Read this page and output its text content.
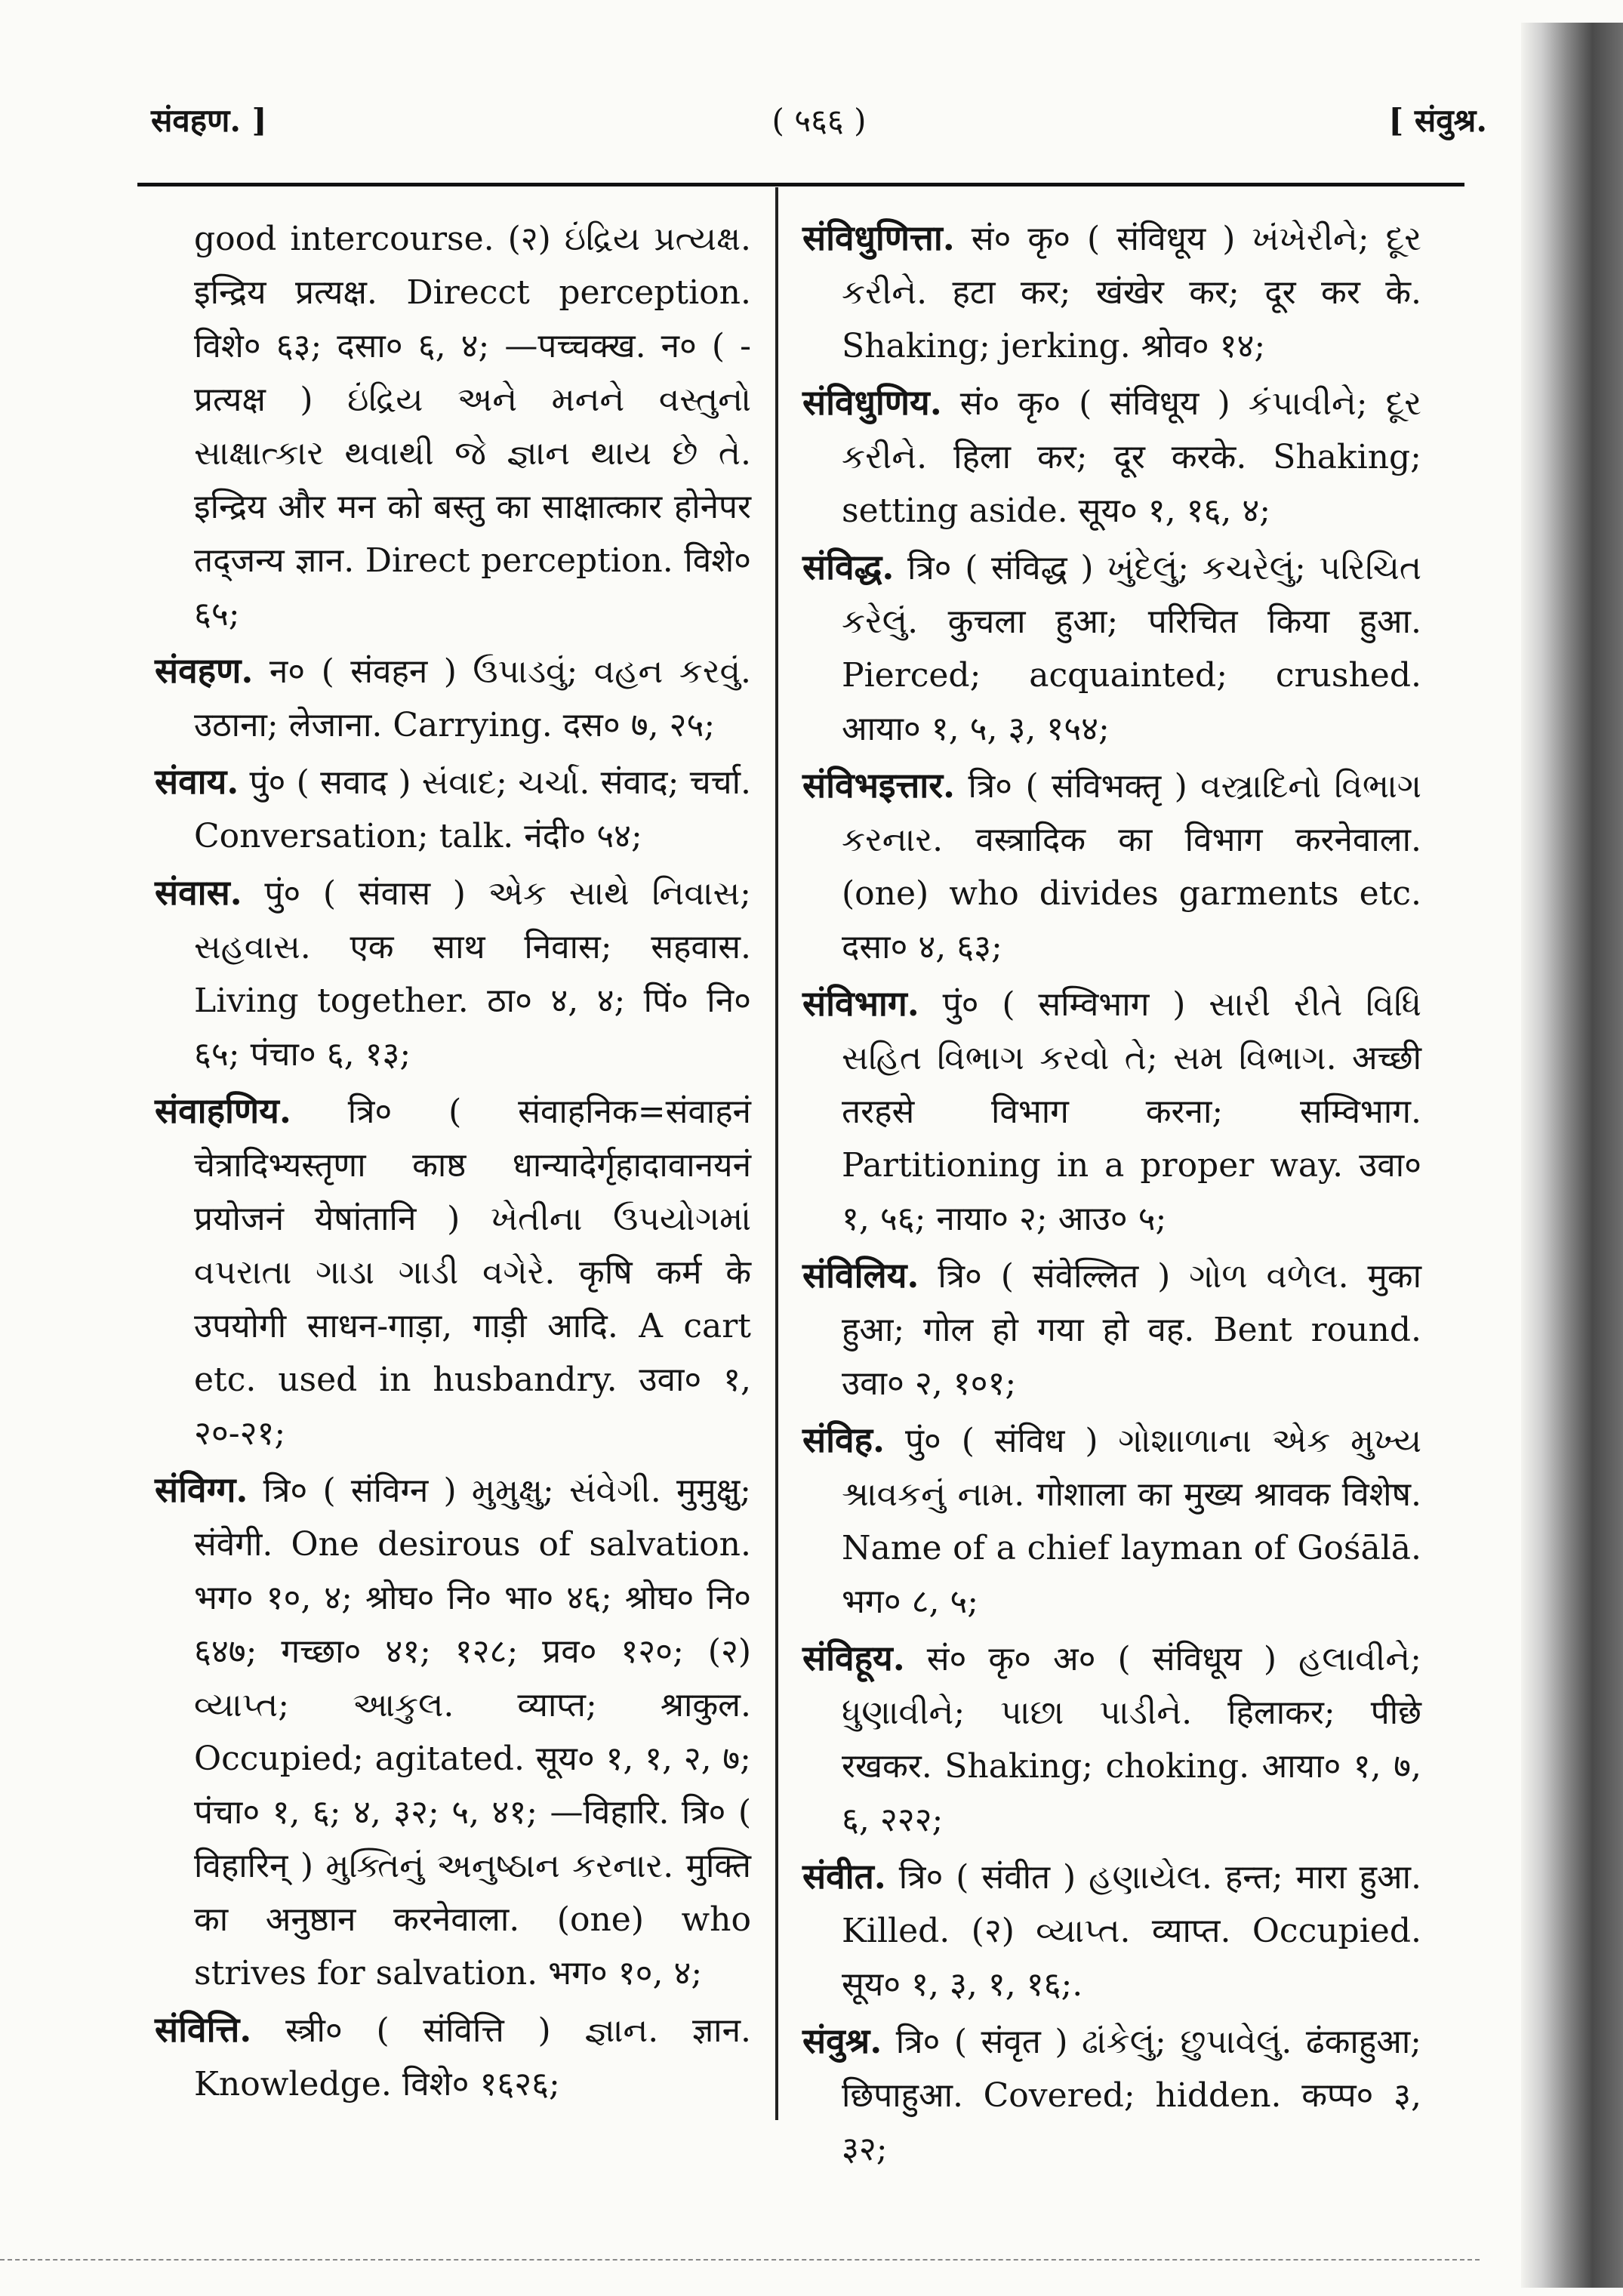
संवहण. ]	( ५६६ )	[ संवुश्र.

good intercourse. (२) ઇંદ્રિય પ્રત્યક્ષ. इन्द्रिय प्रत्यक्ष. Direcct perception. विशे० ६३; दसा० ६, ४; —पच्चक्ख. न० ( -प्रत्यक्ष ) ઇંદ્રિય અને મનને વસ્તુનો સાક્ષાત્કાર થવાથી જે જ્ઞાન થાય છે તે. इन्द्रिय और मन को बस्तु का साक्षात्कार होनेपर तद्जन्य ज्ञान. Direct perception. विशे० ६५;

संवहण. न० ( संवहन ) ઉપાડવું; વહન કરવું. उठाना; लेजाना. Carrying. दस० ७, २५;

संवाय. पुं० ( सवाद ) સંવાદ; ચર્ચા. संवाद; चर्चा. Conversation; talk. नंदी० ५४;

संवास. पुं० ( संवास ) એક સાથે નિવાસ; સહવાસ. एक साथ निवास; सहवास. Living together. ठा० ४, ४; पिं० नि० ६५; पंचा० ६, १३;

संवाहणिय. त्रि० ( संवाहनिक=संवाहनं चेत्रादिभ्यस्तृणा काष्ठ धान्यादेर्गृहादावानयनं प्रयोजनं येषांतानि ) ખેતીના ઉપયોગમાં વપરાતા ગાડા ગાડી વગેરે. कृषि कर्म के उपयोगी साधन-गाड़ा, गाड़ी आदि. A cart etc. used in husbandry. उवा० १, २०-२१;

संविग्ग. त्रि० ( संविग्न ) મુમુક્ષુ; સંવેગી. मुमुक्षु; संवेगी. One desirous of salvation. भग० १०, ४; श्रोघ० नि० भा० ४६; श्रोघ० नि० ६४७; गच्छा० ४१; १२८; प्रव० १२०; (२) વ્યાપ્ત; આકુલ. व्याप्त; श्राकुल. Occupied; agitated. सूय० १, १, २, ७; पंचा० १, ६; ४, ३२; ५, ४१; —विहारि. त्रि० ( विहारिन् ) મુક્તિનું અનુષ્ઠાન કરનાર. मुक्ति का अनुष्ठान करनेवाला. (one) who strives for salvation. भग० १०, ४;

संवित्ति. स्त्री० ( संवित्ति ) જ્ઞાન. ज्ञान. Knowledge. विशे० १६२६;

संविधुणित्ता. सं० कृ० ( संविधूय ) ખંખેરીને; દૂર કરીને. हटा कर; खंखेर कर; दूर कर के. Shaking; jerking. श्रोव० १४;

संविधुणिय. सं० कृ० ( संविधूय ) કંપાવીને; દૂર કરીને. हिला कर; दूर करके. Shaking; setting aside. सूय० १, १६, ४;

संविद्ध. त्रि० ( संविद्ध ) ખુંદેલું; કચરેલું; પરિચિત કરેલું. कुचला हुआ; परिचित किया हुआ. Pierced; acquainted; crushed. आया० १, ५, ३, १५४;

संविभइत्तार. त्रि० ( संविभक्तृ ) વસ્ત્રાદિનો વિભાગ કરનાર. वस्त्रादिक का विभाग करनेवाला. (one) who divides garments etc. दसा० ४, ६३;

संविभाग. पुं० ( सम्विभाग ) સારી રીતે વિધિ સહિત વિભાગ કરવો તે; સમ વિભાગ. अच्छी तरहसे विभाग करना; सम्विभाग. Partitioning in a proper way. उवा० १, ५६; नाया० २; आउ० ५;

संविलिय. त्रि० ( संवेल्लित ) ગોળ વળેલ. मुका हुआ; गोल हो गया हो वह. Bent round. उवा० २, १०१;

संविह. पुं० ( संविध ) ગોશાળાના એક મુખ્ય શ્રાવકનું નામ. गोशाला का मुख्य श्रावक विशेष. Name of a chief layman of Gośālā. भग० ८, ५;

संविहूय. सं० कृ० अ० ( संविधूय ) હલાવીને; ધુણાવીને; પાછા પાડીને. हिलाकर; पीछे रखकर. Shaking; choking. आया० १, ७, ६, २२२;

संवीत. त्रि० ( संवीत ) હણાયેલ. हन्त; मारा हुआ. Killed. (२) વ્યાપ્ત. व्याप्त. Occupied. सूय० १, ३, १, १६;.

संवुश्र. त्रि० ( संवृत ) ઢાંકેલું; છુપાવેલું. ढंकाहुआ; छिपाहुआ. Covered; hidden. कप्प० ३, ३२;
